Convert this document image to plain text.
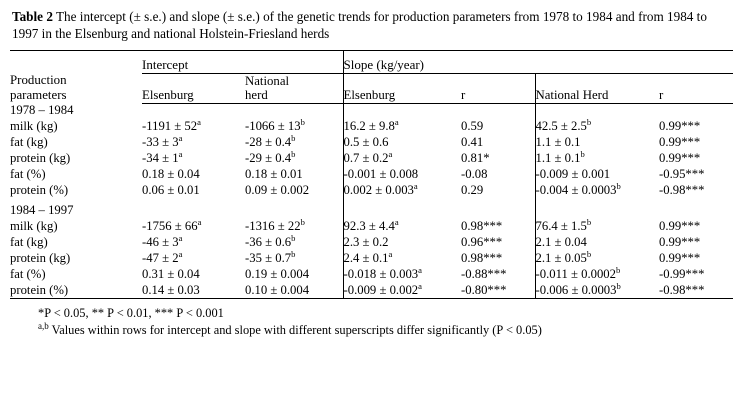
Table 2 The intercept (± s.e.) and slope (± s.e.) of the genetic trends for production parameters from 1978 to 1984 and from 1984 to 1997 in the Elsenburg and national Holstein-Friesland herds

Production
parameters	Intercept		Slope (kg/year)			
	Elsenburg	National
herd	Elsenburg	r	National Herd	r
1978 – 1984						
milk (kg)	$-1191 \pm 52^a$	$-1066 \pm 13^b$	16.2 ± 9.8$^a$	0.59	42.5 ± 2.5$^b$	0.99***
fat (kg)	$-33 \pm 3^a$	-28 ± 0.4$^b$	0.5 ± 0.6	0.41	1.1 ± 0.1	0.99***
protein (kg)	$-34 \pm 1^a$	-29 ± 0.4$^b$	0.7 ± 0.2$^a$	0.81*	1.1 ± 0.1$^b$	0.99***
fat (%)	0.18 ± 0.04	0.18 ± 0.01	-0.001 ± 0.008	-0.08	-0.009 ± 0.001	-0.95***
protein (%)	0.06 ± 0.01	0.09 ± 0.002	0.002 ± 0.003$^a$	0.29	-0.004 ± 0.0003$^b$	-0.98***

1984 – 1997						
milk (kg)	$-1756 \pm 66^a$	$-1316 \pm 22^b$	92.3 ± 4.4$^a$	0.98***	76.4 ± 1.5$^b$	0.99***
fat (kg)	$-46 \pm 3^a$	-36 ± 0.6$^b$	2.3 ± 0.2	0.96***	2.1 ± 0.04	0.99***
protein (kg)	$-47 \pm 2^a$	-35 ± 0.7$^b$	2.4 ± 0.1$^a$	0.98***	2.1 ± 0.05$^b$	0.99***
fat (%)	0.31 ± 0.04	0.19 ± 0.004	-0.018 ± 0.003$^a$	-0.88***	-0.011 ± 0.0002$^b$	-0.99***
protein (%)	0.14 ± 0.03	0.10 ± 0.004	-0.009 ± 0.002$^a$	-0.80***	-0.006 ± 0.0003$^b$	-0.98***
*P < 0.05, ** P < 0.01, *** P < 0.001
$^{a,b}$ Values within rows for intercept and slope with different superscripts differ significantly (P < 0.05)
